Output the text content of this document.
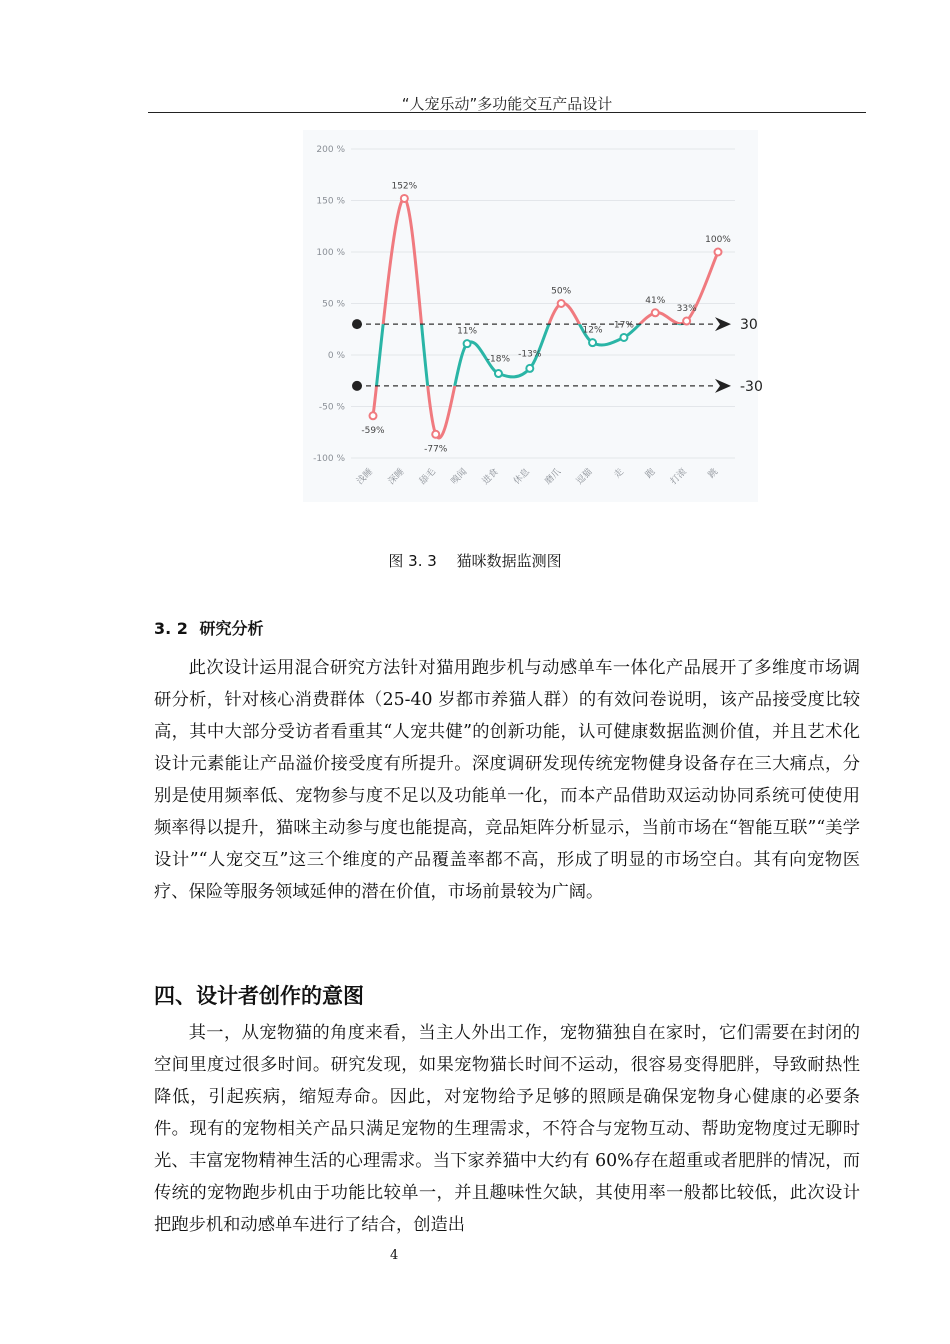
“人宠乐动”多功能交互产品设计
200 %
150 %
100 %
50 %
0 %
-50 %
-100 %
浅睡 深睡 舔毛 嗅闻 进食 休息 磨爪 逗猫 走 跑 打滚 跳
30
-30
-59%
152%
-77%
11%
-18%
-13%
50%
12%
17%
41%
33%
100%
图 3. 3　 猫咪数据监测图
3. 2 研究分析

此次设计运用混合研究方法针对猫用跑步机与动感单车一体化产品展开了多维度市场调研分析，针对核心消费群体（25-40 岁都市养猫人群）的有效问卷说明，该产品接受度比较高，其中大部分受访者看重其“人宠共健”的创新功能，认可健康数据监测价值，并且艺术化设计元素能让产品溢价接受度有所提升。深度调研发现传统宠物健身设备存在三大痛点，分别是使用频率低、宠物参与度不足以及功能单一化，而本产品借助双运动协同系统可使使用频率得以提升，猫咪主动参与度也能提高，竞品矩阵分析显示，当前市场在“智能互联”“美学设计”“人宠交互”这三个维度的产品覆盖率都不高，形成了明显的市场空白。其有向宠物医疗、保险等服务领域延伸的潜在价值，市场前景较为广阔。

四、设计者创作的意图

其一，从宠物猫的角度来看，当主人外出工作，宠物猫独自在家时，它们需要在封闭的空间里度过很多时间。研究发现，如果宠物猫长时间不运动，很容易变得肥胖，导致耐热性降低，引起疾病，缩短寿命。因此，对宠物给予足够的照顾是确保宠物身心健康的必要条件。现有的宠物相关产品只满足宠物的生理需求，不符合与宠物互动、帮助宠物度过无聊时光、丰富宠物精神生活的心理需求。当下家养猫中大约有 60%存在超重或者肥胖的情况，而传统的宠物跑步机由于功能比较单一，并且趣味性欠缺，其使用率一般都比较低，此次设计把跑步机和动感单车进行了结合，创造出

4
